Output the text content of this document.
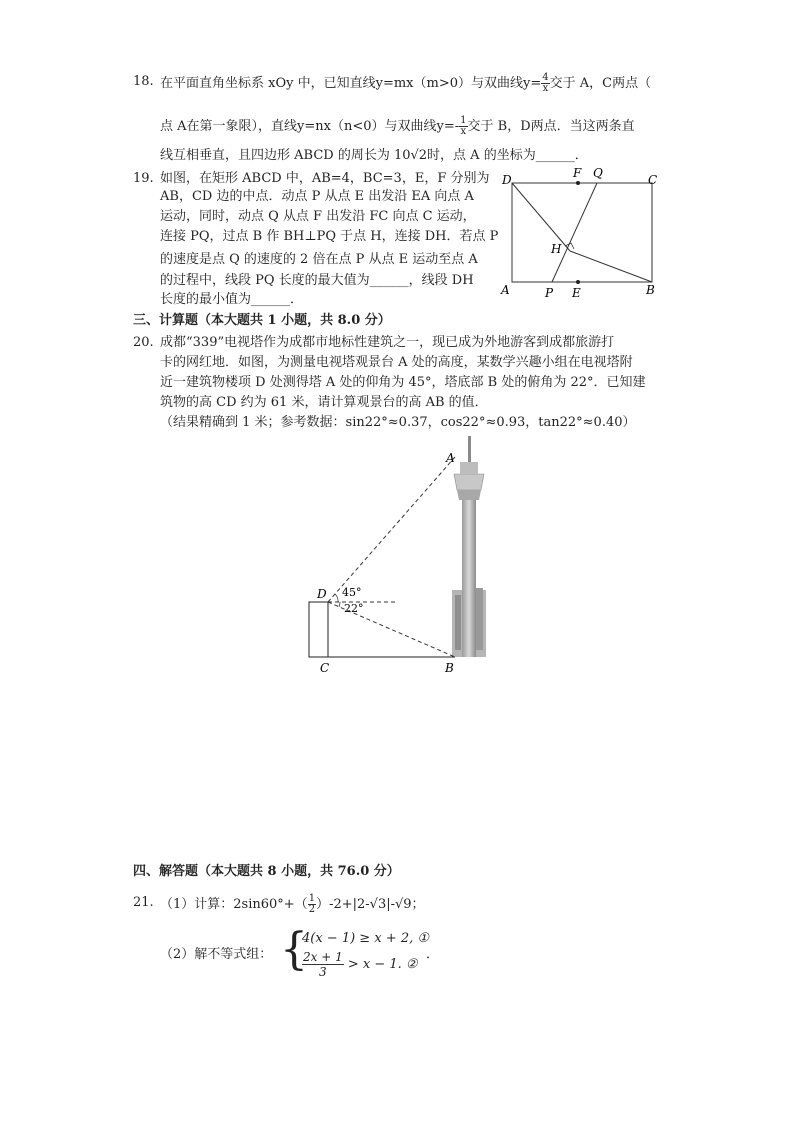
18. 在平面直角坐标系 xOy 中，已知直线y=mx（m>0）与双曲线$y= \frac{4}{x}$ 交于 A，C两点（
点 A在第一象限），直线y=nx（n<0）与双曲线$y=- \frac{1}{x}$ 交于 B，D两点．当这两条直
线互相垂直，且四边形 ABCD 的周长为 10√2时，点 A 的坐标为______．
19. 如图，在矩形 ABCD 中，AB=4，BC=3，E，F 分别为
AB，CD 边的中点．动点 P 从点 E 出发沿 EA 向点 A
运动，同时，动点 Q 从点 F 出发沿 FC 向点 C 运动，
连接 PQ，过点 B 作 BH⊥PQ 于点 H，连接 DH．若点 P
的速度是点 Q 的速度的 2 倍在点 P 从点 E 运动至点 A
的过程中，线段 PQ 长度的最大值为______，线段 DH
长度的最小值为______．
D	F Q	C
H
A	P E	B
三、计算题（本大题共 1 小题，共 8.0 分）
20. 成都“339”电视塔作为成都市地标性建筑之一，现已成为外地游客到成都旅游打
卡的网红地．如图，为测量电视塔观景台 A 处的高度，某数学兴趣小组在电视塔附
近一建筑物楼项 D 处测得塔 A 处的仰角为 45°，塔底部 B 处的俯角为 22°．已知建
筑物的高 CD 约为 61 米，请计算观景台的高 AB 的值．
（结果精确到 1 米；参考数据：sin22°≈0.37，cos22°≈0.93，tan22°≈0.40）
A
D 45°
22°
C	B
四、解答题（本大题共 8 小题，共 76.0 分）
21. （1）计算：$2\sin 60^\circ+( \frac{1}{2} )-2+|2-√3|-√9$；
（2）解不等式组： {
4(x − 1) ≥ x + 2, ①
$\frac{2x + 1}{3} > x - 1$. ②
．
